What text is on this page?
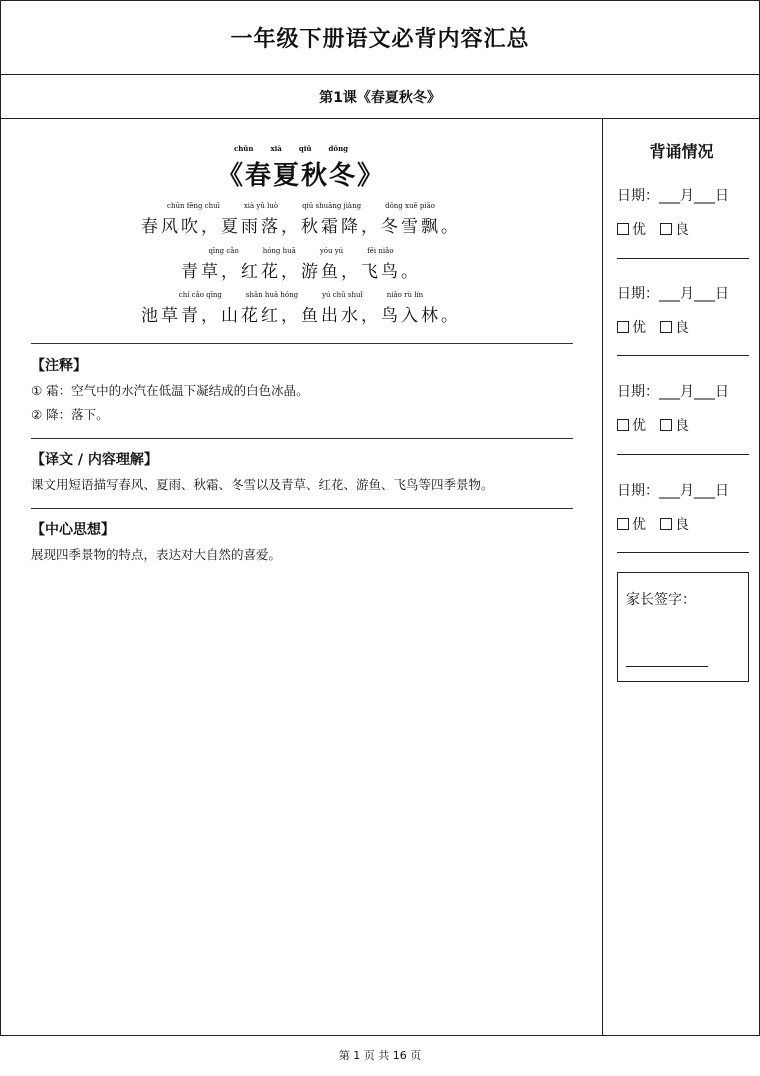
一年级下册语文必背内容汇总
第1课《春夏秋冬》
chūn xià qiū dōng
《春夏秋冬》
chūn fēng chuī	xià yǔ luò	qiū shuāng jiàng	dōng xuě piāo
春风吹，夏雨落，秋霜降，冬雪飘。
qīng cǎo	hóng huā	yóu yú	fēi niǎo
青草，红花，游鱼，飞鸟。
chí cǎo qīng	shān huā hóng	yú chū shuǐ	niǎo rù lín
池草青，山花红，鱼出水，鸟入林。
【注释】
① 霜：空气中的水汽在低温下凝结成的白色冰晶。
② 降：落下。
【译文 / 内容理解】
课文用短语描写春风、夏雨、秋霜、冬雪以及青草、红花、游鱼、飞鸟等四季景物。
【中心思想】
展现四季景物的特点，表达对大自然的喜爱。
背诵情况
日期：___月___日
优	良
日期：___月___日
优	良
日期：___月___日
优	良
日期：___月___日
优	良
家长签字：
第 1 页 共 16 页
